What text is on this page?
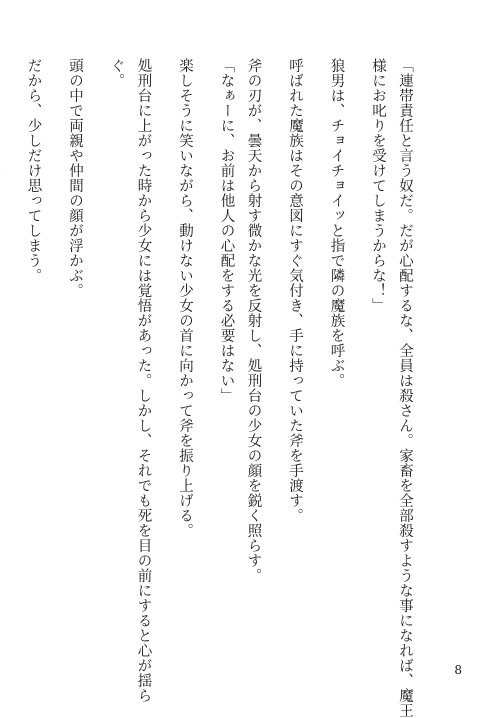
「連帯責任と言う奴だ。だが心配するな、全員は殺さん。家畜を全部殺すような事になれば、魔王
様にお叱りを受けてしまうからな！」
狼男は、チョイチョイッと指で隣の魔族を呼ぶ。
呼ばれた魔族はその意図にすぐ気付き、手に持っていた斧を手渡す。
斧の刃が、曇天から射す微かな光を反射し、処刑台の少女の顔を鋭く照らす。
「なぁーに、お前は他人の心配をする必要はない」
楽しそうに笑いながら、動けない少女の首に向かって斧を振り上げる。
処刑台に上がった時から少女には覚悟があった。しかし、それでも死を目の前にすると心が揺ら
ぐ。
頭の中で両親や仲間の顔が浮かぶ。
だから、少しだけ思ってしまう。
8
